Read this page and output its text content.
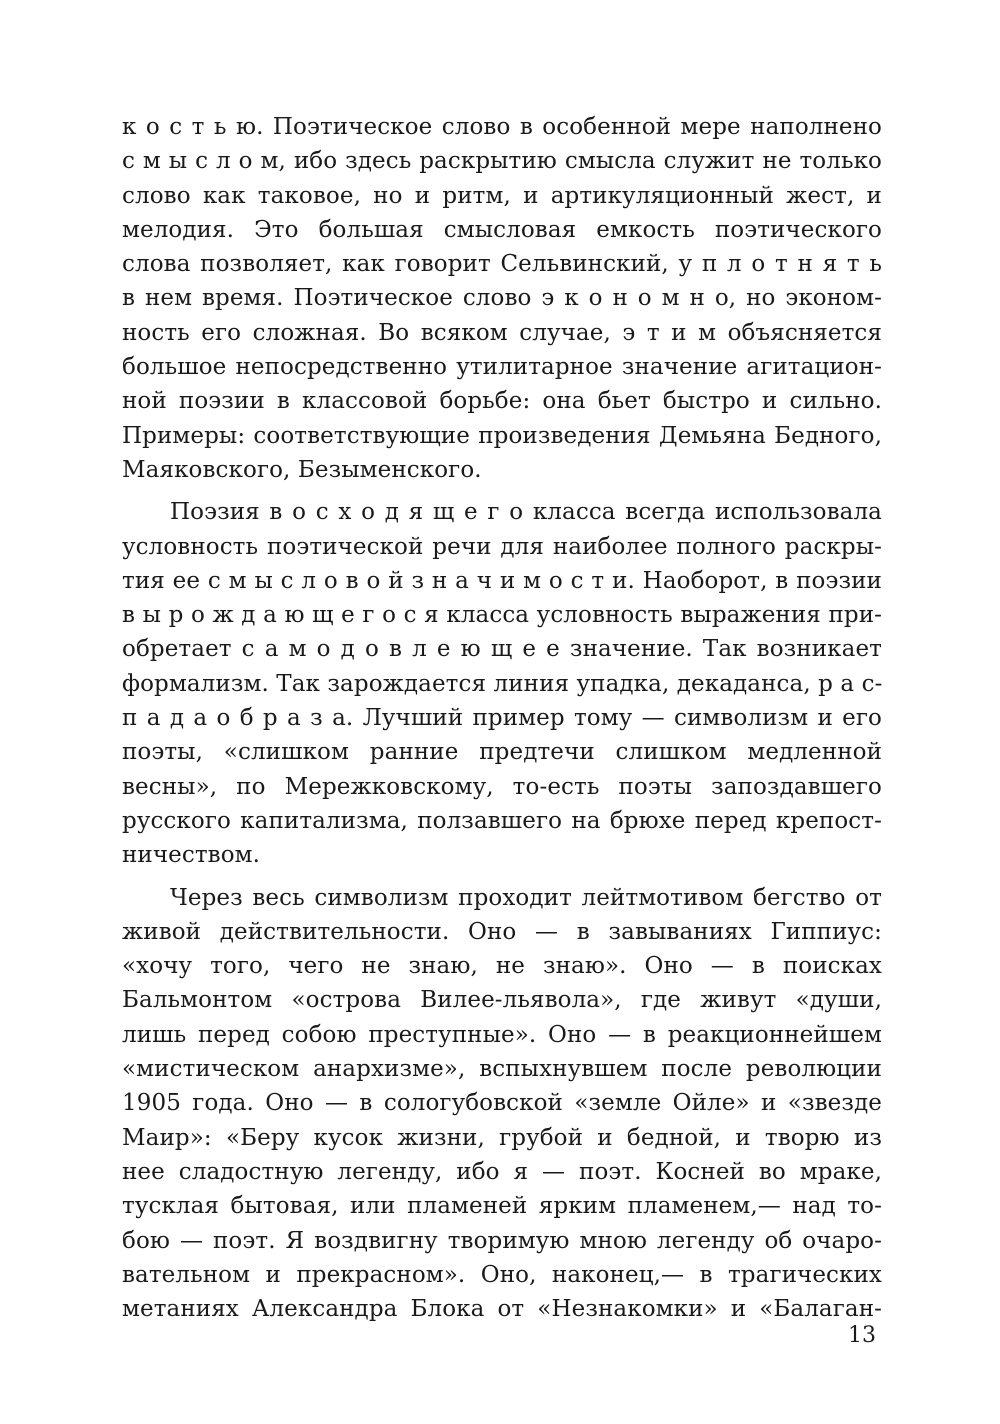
к о с т ь ю. Поэтическое слово в особенной мере наполнено
с м ы с л о м, ибо здесь раскрытию смысла служит не только
слово как таковое, но и ритм, и артикуляционный жест, и
мелодия. Это большая смысловая емкость поэтического
слова позволяет, как говорит Сельвинский, у п л о т н я т ь
в нем время. Поэтическое слово э к о н о м н о, но эконом-
ность его сложная. Во всяком случае, э т и м объясняется
большое непосредственно утилитарное значение агитацион-
ной поэзии в классовой борьбе: она бьет быстро и сильно.
Примеры: соответствующие произведения Демьяна Бедного,
Маяковского, Безыменского.
Поэзия в о с х о д я щ е г о класса всегда использовала
условность поэтической речи для наиболее полного раскры-
тия ее с м ы с л о в о й з н а ч и м о с т и. Наоборот, в поэзии
в ы р о ж д а ю щ е г о с я класса условность выражения при-
обретает с а м о д о в л е ю щ е е значение. Так возникает
формализм. Так зарождается линия упадка, декаданса, р а с-
п а д а о б р а з а. Лучший пример тому — символизм и его
поэты, «слишком ранние предтечи слишком медленной
весны», по Мережковскому, то-есть поэты запоздавшего
русского капитализма, ползавшего на брюхе перед крепост-
ничеством.
Через весь символизм проходит лейтмотивом бегство от
живой действительности. Оно — в завываниях Гиппиус:
«хочу того, чего не знаю, не знаю». Оно — в поисках
Бальмонтом «острова Вилее-льявола», где живут «души,
лишь перед собою преступные». Оно — в реакционнейшем
«мистическом анархизме», вспыхнувшем после революции
1905 года. Оно — в сологубовской «земле Ойле» и «звезде
Маир»: «Беру кусок жизни, грубой и бедной, и творю из
нее сладостную легенду, ибо я — поэт. Косней во мраке,
тусклая бытовая, или пламеней ярким пламенем,— над то-
бою — поэт. Я воздвигну творимую мною легенду об очаро-
вательном и прекрасном». Оно, наконец,— в трагических
метаниях Александра Блока от «Незнакомки» и «Балаган-
13
